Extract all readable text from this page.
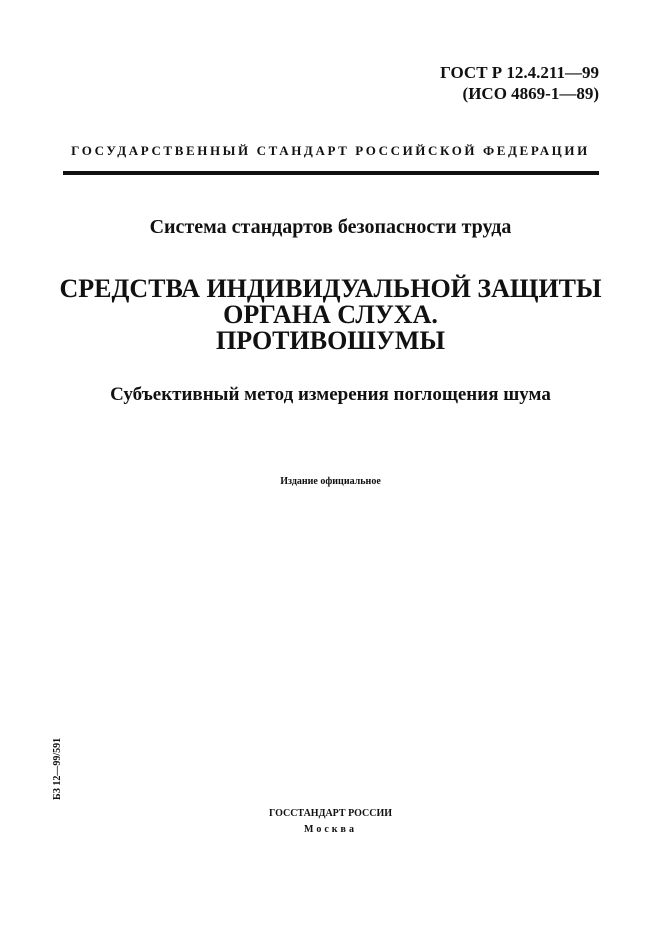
ГОСТ Р 12.4.211—99
(ИСО 4869-1—89)
ГОСУДАРСТВЕННЫЙ СТАНДАРТ РОССИЙСКОЙ ФЕДЕРАЦИИ
Система стандартов безопасности труда
СРЕДСТВА ИНДИВИДУАЛЬНОЙ ЗАЩИТЫ
ОРГАНА СЛУХА.
ПРОТИВОШУМЫ
Субъективный метод измерения поглощения шума
Издание официальное
БЗ 12—99/591
ГОССТАНДАРТ РОССИИ
Москва
